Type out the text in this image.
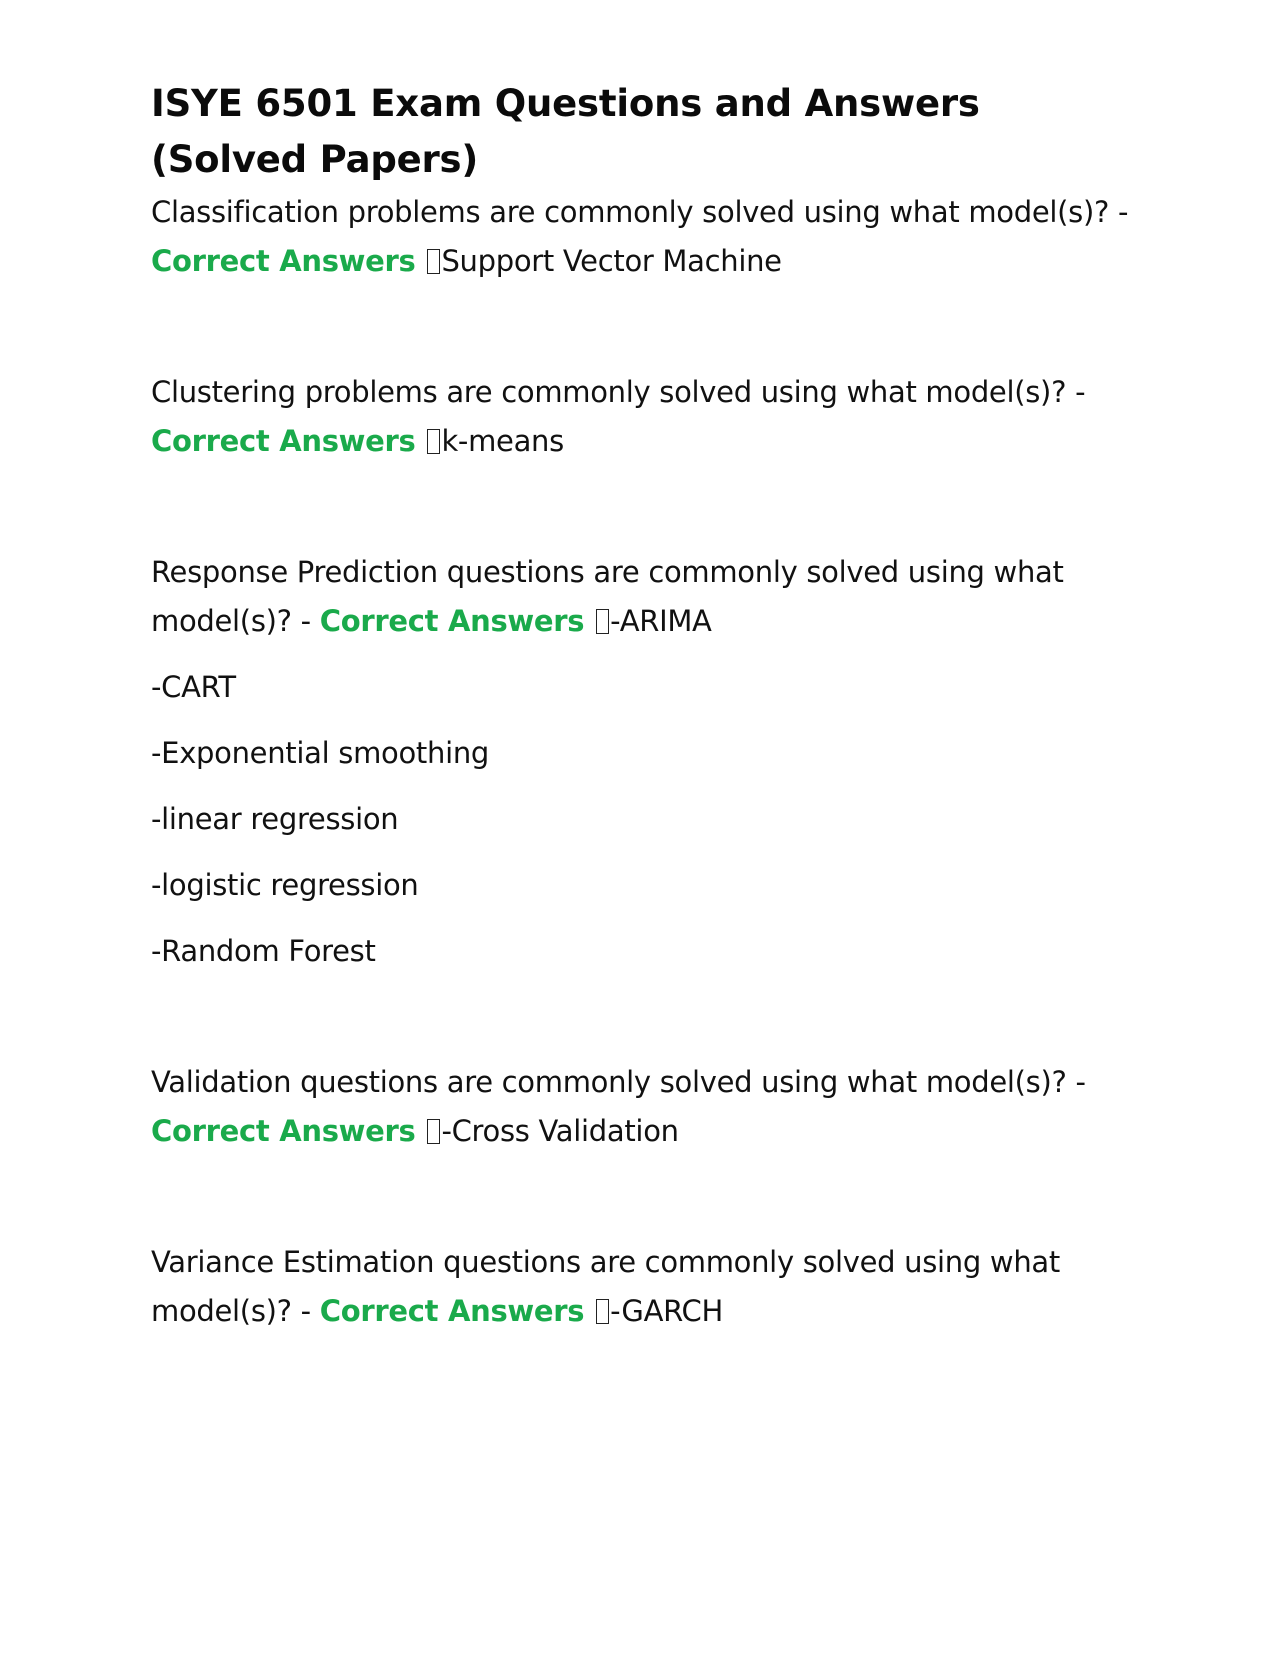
ISYE 6501 Exam Questions and Answers (Solved Papers)

Classification problems are commonly solved using what model(s)? - Correct Answers Support Vector Machine

Clustering problems are commonly solved using what model(s)? - Correct Answers k-means

Response Prediction questions are commonly solved using what model(s)? - Correct Answers -ARIMA

-CART

-Exponential smoothing

-linear regression

-logistic regression

-Random Forest

Validation questions are commonly solved using what model(s)? - Correct Answers -Cross Validation

Variance Estimation questions are commonly solved using what model(s)? - Correct Answers -GARCH
